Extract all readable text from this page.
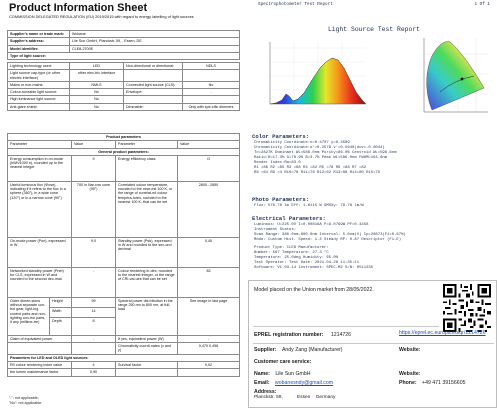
Product Information Sheet
COMMISSION DELEGATED REGULATION (EU) 2019/2015 with regard to energy labelling of light sources
Supplier's name or trade mark:	Wobane
Supplier's address:	Lile Sun GmbH, Planckstr. 59, , Essen, DE
Model identifier:	CLE8-2700E
Type of light source:	
Lighting technology used:	LED	Non-directional or directional:	NDLS
Light source cap-type (or other electric interface)	other elec-tric interface		
Mains or non-mains:	NMLS	Connected light source (CLS):	No
Colour-tuneable light source:	No	Envelope:	-
High luminance light source:	No		
Anti-glare shield:	No	Dimmable:	Only with spe-cific dimmers
Product parameters				
Parameter		Value	Parameter	Value
General product parameters:				
Energy consumption in on-mode (kWh/1000 h), rounded up to the nearest integer		9	Energy efficiency class	G
Useful luminous flux (Φuse), indicating if it refers to the flux in a sphere (360°), in a wide cone (120°) or in a narrow cone (90°)		700 in Nar-row cone (90°)	Correlated colour temperature, rounded to the near-est 100 K, or the range of correlat-ed colour tempera-tures, rounded to the nearest 100 K, that can be set	2800...2850
On-mode power (Pon), expressed in W		9,0	Standby power (Psb), expressed in W and rounded to the sec-ond decimal	0,40
Networked standby power (Pnet) for CLS, expressed in W and rounded to the second dec-imal		-	Colour rendering in-dex, rounded to the nearest integer, or the range of CRI-val-ues that can be set	83
Outer dimen-sions without separate con-trol gear, light-ing control parts and non-lighting con-trol parts, if any (millime-tre)	Height	59	Spectral power dis-tribution in the range 250 nm to 800 nm, at full-load	See image in last page
	Width	14		
	Depth	8		
Claim of equivalent power		-	If yes, equivalent power (W)	-
			Chromaticity coordi-nates (x and y)	0,470 0,458
Parameters for LED and OLED light sources:				
R9 colour rendering index value		4	Survival factor	0,92
the lumen maintenance factor		0,90		
"-": not applicable;
"No": not applicable.
Spectrophotometer Test Report	1 Of 1
Light Source Test Report
Color Parameters:
Chromaticity Coordinate:x=0.4707 y=0.4589
Chromaticity Coordinate:u'=0.2578 v'=0.5640(duv=-0.0044)
Tc=2827K Dominant WL=586.0nm Purity=86.0% Centroid WL=598.6nm
Ratio:R=17.3% G=78.9% B=3.7% Peak WL=586.0nm FWHM=164.6nm
Render Index:Ra=83.0
R1 =86 R2 =85 R3 =68 R4 =82 R5 =78 R6 =88 R7 =82
R8 =64 R9 =4 R10=78 R11=76 R12=62 R13=88 R14=80 R15=75
Photo Parameters:
Flux: 576.78 lm Eff: 1.6115 W GMSXy: 78.78 lm/W
Electrical Parameters:
Luminous: U=225.0V I=0.00816A P=9.0799W PF=0.4458
Instrument Status:
Scan Range: 380.0nm-800.0nm Interval: 5.0nm(V) Ip=20873(F1=0.67%)
Mode: Custom Hist. Speed: 1.4 Steady RP: 0.87 Descriptor (F1-E)
Product Type: CLE8 Manufacturer:
Number: 567 Temperature: 27.3 °C
Temperature: 25.0deg Humidity: 65.0%
Test Operator: Test Date: 2021-04-26 11:35:11
Software: V1.03.14 Instrument: SPEC-M2 S/N: 0511235
Model placed on the Union market from 28/05/2022.
EPREL registration number: 1214726	https://eprel.ec.europa.eu/qr/1214726
Supplier: Andy Zang (Manufacturer)	Website:
Customer care service:
Name: Lile Sun GmbH	Website:
Email: wobanesndy@gmail.com	Phone: +49 471 39156605
Address:
Planckstr. 59,	Essen Germany
